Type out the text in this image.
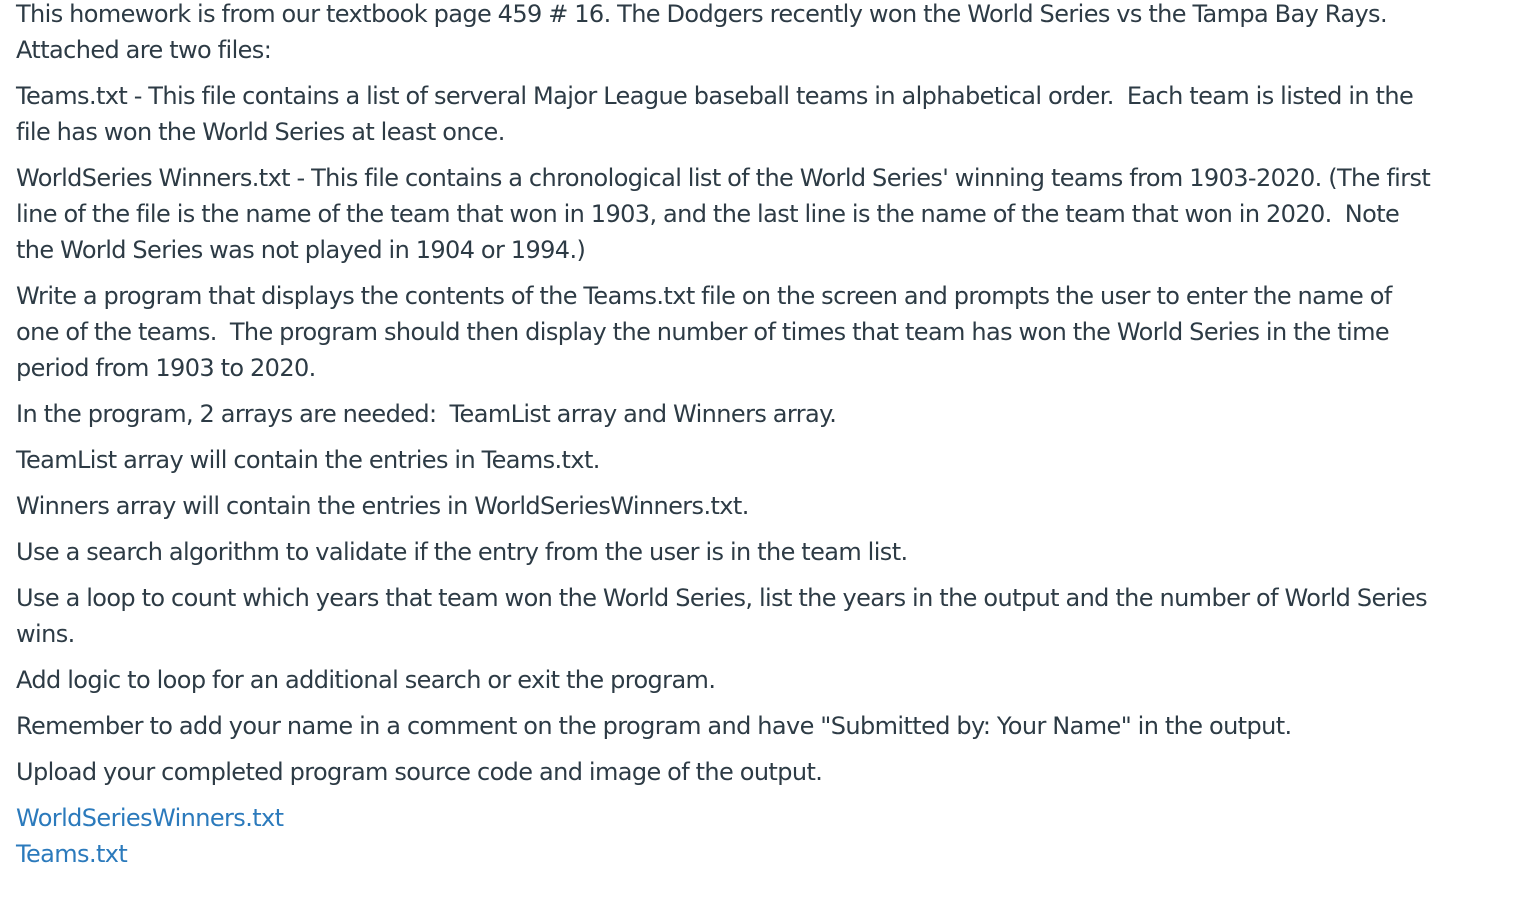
This homework is from our textbook page 459 # 16. The Dodgers recently won the World Series vs the Tampa Bay Rays.  Attached are two files:

Teams.txt - This file contains a list of serveral Major League baseball teams in alphabetical order.  Each team is listed in the file has won the World Series at least once.

WorldSeries Winners.txt - This file contains a chronological list of the World Series' winning teams from 1903-2020. (The first line of the file is the name of the team that won in 1903, and the last line is the name of the team that won in 2020.  Note the World Series was not played in 1904 or 1994.)

Write a program that displays the contents of the Teams.txt file on the screen and prompts the user to enter the name of one of the teams.  The program should then display the number of times that team has won the World Series in the time period from 1903 to 2020.

In the program, 2 arrays are needed:  TeamList array and Winners array.

TeamList array will contain the entries in Teams.txt.

Winners array will contain the entries in WorldSeriesWinners.txt.

Use a search algorithm to validate if the entry from the user is in the team list.

Use a loop to count which years that team won the World Series, list the years in the output and the number of World Series wins.

Add logic to loop for an additional search or exit the program.

Remember to add your name in a comment on the program and have "Submitted by: Your Name" in the output.

Upload your completed program source code and image of the output.

WorldSeriesWinners.txt
Teams.txt
